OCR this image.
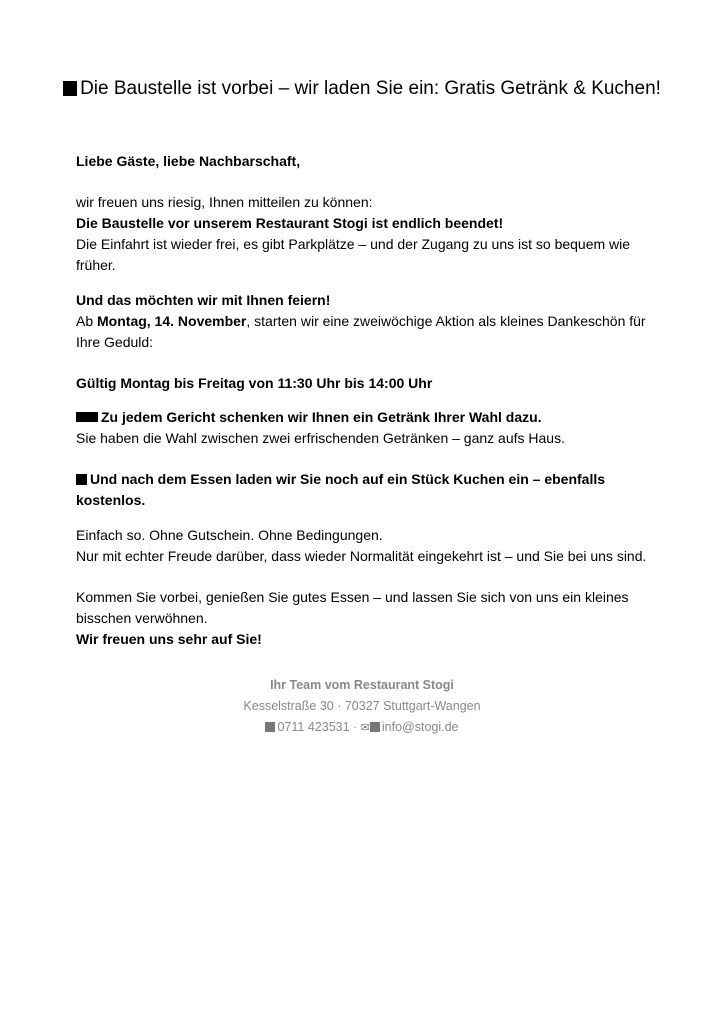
Die Baustelle ist vorbei – wir laden Sie ein: Gratis Getränk & Kuchen!
Liebe Gäste, liebe Nachbarschaft,

wir freuen uns riesig, Ihnen mitteilen zu können:

Die Baustelle vor unserem Restaurant Stogi ist endlich beendet!

Die Einfahrt ist wieder frei, es gibt Parkplätze – und der Zugang zu uns ist so bequem wie früher.

Und das möchten wir mit Ihnen feiern!

Ab Montag, 14. November, starten wir eine zweiwöchige Aktion als kleines Dankeschön für Ihre Geduld:

Gültig Montag bis Freitag von 11:30 Uhr bis 14:00 Uhr

Zu jedem Gericht schenken wir Ihnen ein Getränk Ihrer Wahl dazu.

Sie haben die Wahl zwischen zwei erfrischenden Getränken – ganz aufs Haus.

Und nach dem Essen laden wir Sie noch auf ein Stück Kuchen ein – ebenfalls kostenlos.

Einfach so. Ohne Gutschein. Ohne Bedingungen.

Nur mit echter Freude darüber, dass wieder Normalität eingekehrt ist – und Sie bei uns sind.

Kommen Sie vorbei, genießen Sie gutes Essen – und lassen Sie sich von uns ein kleines bisschen verwöhnen.

Wir freuen uns sehr auf Sie!

Ihr Team vom Restaurant Stogi
Kesselstraße 30 · 70327 Stuttgart-Wangen
0711 423531 · ✉ info@stogi.de
